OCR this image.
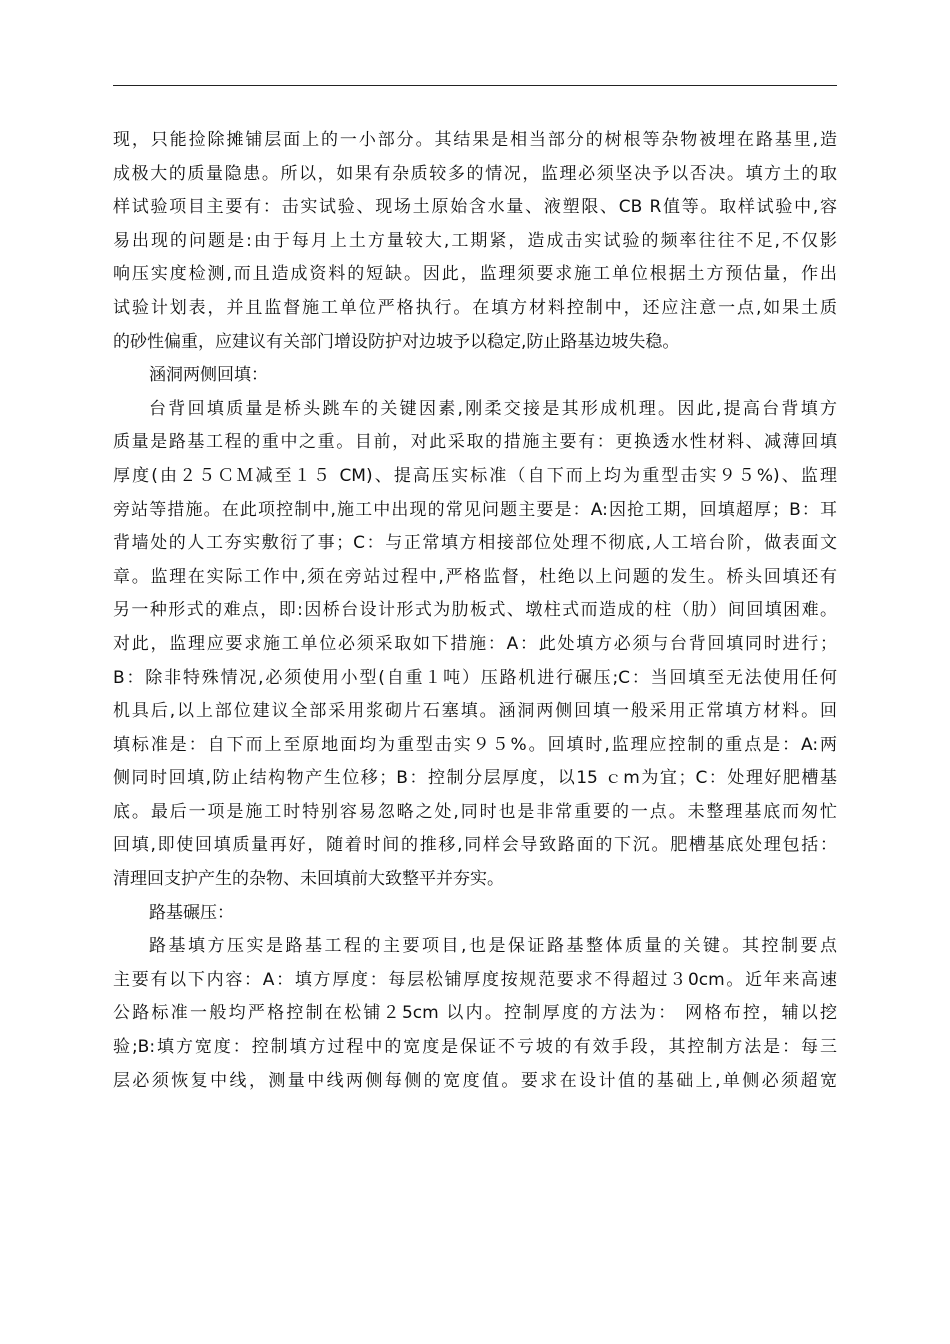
现，只能捡除摊铺层面上的一小部分。其结果是相当部分的树根等杂物被埋在路基里,造
成极大的质量隐患。所以，如果有杂质较多的情况，监理必须坚决予以否决。填方土的取
样试验项目主要有：击实试验、现场土原始含水量、液塑限、CB R值等。取样试验中,容
易出现的问题是:由于每月上土方量较大,工期紧，造成击实试验的频率往往不足,不仅影
响压实度检测,而且造成资料的短缺。因此，监理须要求施工单位根据土方预估量，作出
试验计划表，并且监督施工单位严格执行。在填方材料控制中，还应注意一点,如果土质
的砂性偏重，应建议有关部门增设防护对边坡予以稳定,防止路基边坡失稳。
涵洞两侧回填：
台背回填质量是桥头跳车的关键因素,刚柔交接是其形成机理。因此,提高台背填方
质量是路基工程的重中之重。目前，对此采取的措施主要有：更换透水性材料、减薄回填
厚度(由２５ＣＭ减至１５ CM)、提高压实标准（自下而上均为重型击实９５%)、监理
旁站等措施。在此项控制中,施工中出现的常见问题主要是：A:因抢工期，回填超厚；B：耳
背墙处的人工夯实敷衍了事；C：与正常填方相接部位处理不彻底,人工培台阶，做表面文
章。监理在实际工作中,须在旁站过程中,严格监督，杜绝以上问题的发生。桥头回填还有
另一种形式的难点，即:因桥台设计形式为肋板式、墩柱式而造成的柱（肋）间回填困难。
对此，监理应要求施工单位必须采取如下措施：A：此处填方必须与台背回填同时进行；
B：除非特殊情况,必须使用小型(自重１吨）压路机进行碾压;C：当回填至无法使用任何
机具后,以上部位建议全部采用浆砌片石塞填。涵洞两侧回填一般采用正常填方材料。回
填标准是：自下而上至原地面均为重型击实９５%。回填时,监理应控制的重点是：A:两
侧同时回填,防止结构物产生位移；B：控制分层厚度，以15 ｃm为宜；C：处理好肥槽基
底。最后一项是施工时特别容易忽略之处,同时也是非常重要的一点。未整理基底而匆忙
回填,即使回填质量再好，随着时间的推移,同样会导致路面的下沉。肥槽基底处理包括：
清理回支护产生的杂物、未回填前大致整平并夯实。
路基碾压：
路基填方压实是路基工程的主要项目,也是保证路基整体质量的关键。其控制要点
主要有以下内容：A：填方厚度：每层松铺厚度按规范要求不得超过３0cm。近年来高速
公路标准一般均严格控制在松铺２5cm 以内。控制厚度的方法为： 网格布控，辅以挖
验;B:填方宽度：控制填方过程中的宽度是保证不亏坡的有效手段，其控制方法是：每三
层必须恢复中线，测量中线两侧每侧的宽度值。要求在设计值的基础上,单侧必须超宽
